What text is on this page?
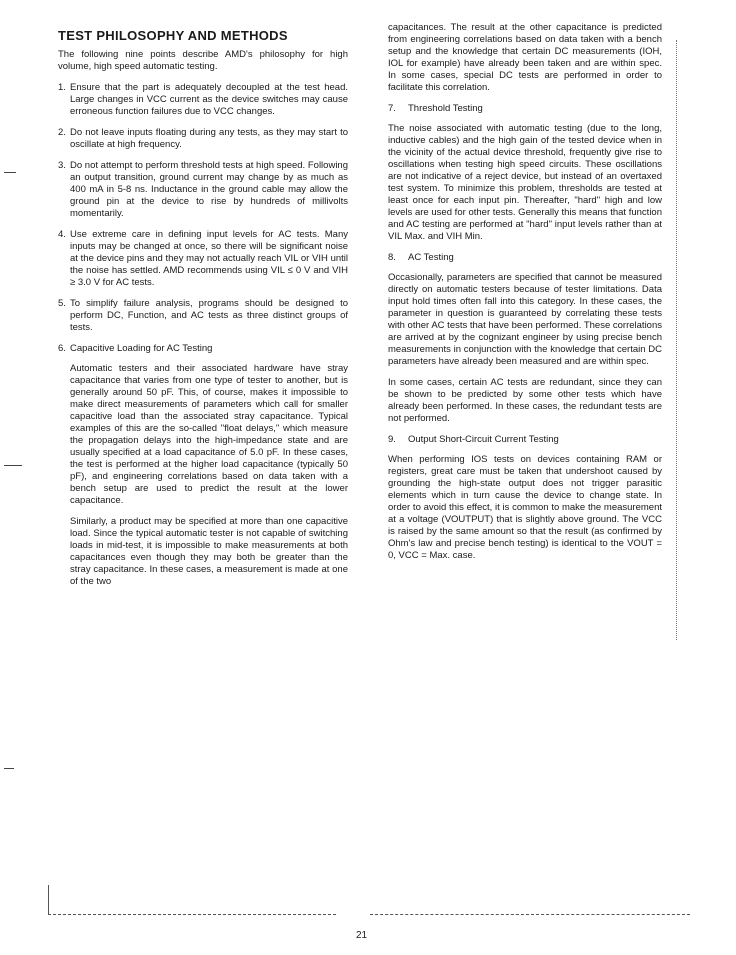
TEST PHILOSOPHY AND METHODS

The following nine points describe AMD's philosophy for high volume, high speed automatic testing.

1. Ensure that the part is adequately decoupled at the test head. Large changes in VCC current as the device switches may cause erroneous function failures due to VCC changes.
2. Do not leave inputs floating during any tests, as they may start to oscillate at high frequency.
3. Do not attempt to perform threshold tests at high speed. Following an output transition, ground current may change by as much as 400 mA in 5-8 ns. Inductance in the ground cable may allow the ground pin at the device to rise by hundreds of millivolts momentarily.
4. Use extreme care in defining input levels for AC tests. Many inputs may be changed at once, so there will be significant noise at the device pins and they may not actually reach VIL or VIH until the noise has settled. AMD recommends using VIL ≤ 0 V and VIH ≥ 3.0 V for AC tests.
5. To simplify failure analysis, programs should be designed to perform DC, Function, and AC tests as three distinct groups of tests.
6. Capacitive Loading for AC Testing

Automatic testers and their associated hardware have stray capacitance that varies from one type of tester to another, but is generally around 50 pF. This, of course, makes it impossible to make direct measurements of parameters which call for smaller capacitive load than the associated stray capacitance. Typical examples of this are the so-called "float delays," which measure the propagation delays into the high-impedance state and are usually specified at a load capacitance of 5.0 pF. In these cases, the test is performed at the higher load capacitance (typically 50 pF), and engineering correlations based on data taken with a bench setup are used to predict the result at the lower capacitance.

Similarly, a product may be specified at more than one capacitive load. Since the typical automatic tester is not capable of switching loads in mid-test, it is impossible to make measurements at both capacitances even though they may both be greater than the stray capacitance. In these cases, a measurement is made at one of the two

capacitances. The result at the other capacitance is predicted from engineering correlations based on data taken with a bench setup and the knowledge that certain DC measurements (IOH, IOL for example) have already been taken and are within spec. In some cases, special DC tests are performed in order to facilitate this correlation.

7.	Threshold Testing

The noise associated with automatic testing (due to the long, inductive cables) and the high gain of the tested device when in the vicinity of the actual device threshold, frequently give rise to oscillations when testing high speed circuits. These oscillations are not indicative of a reject device, but instead of an overtaxed test system. To minimize this problem, thresholds are tested at least once for each input pin. Thereafter, "hard" high and low levels are used for other tests. Generally this means that function and AC testing are performed at "hard" input levels rather than at VIL Max. and VIH Min.

8.	AC Testing

Occasionally, parameters are specified that cannot be measured directly on automatic testers because of tester limitations. Data input hold times often fall into this category. In these cases, the parameter in question is guaranteed by correlating these tests with other AC tests that have been performed. These correlations are arrived at by the cognizant engineer by using precise bench measurements in conjunction with the knowledge that certain DC parameters have already been measured and are within spec.

In some cases, certain AC tests are redundant, since they can be shown to be predicted by some other tests which have already been performed. In these cases, the redundant tests are not performed.

9.	Output Short-Circuit Current Testing

When performing IOS tests on devices containing RAM or registers, great care must be taken that undershoot caused by grounding the high-state output does not trigger parasitic elements which in turn cause the device to change state. In order to avoid this effect, it is common to make the measurement at a voltage (VOUTPUT) that is slightly above ground. The VCC is raised by the same amount so that the result (as confirmed by Ohm's law and precise bench testing) is identical to the VOUT = 0, VCC = Max. case.

21
